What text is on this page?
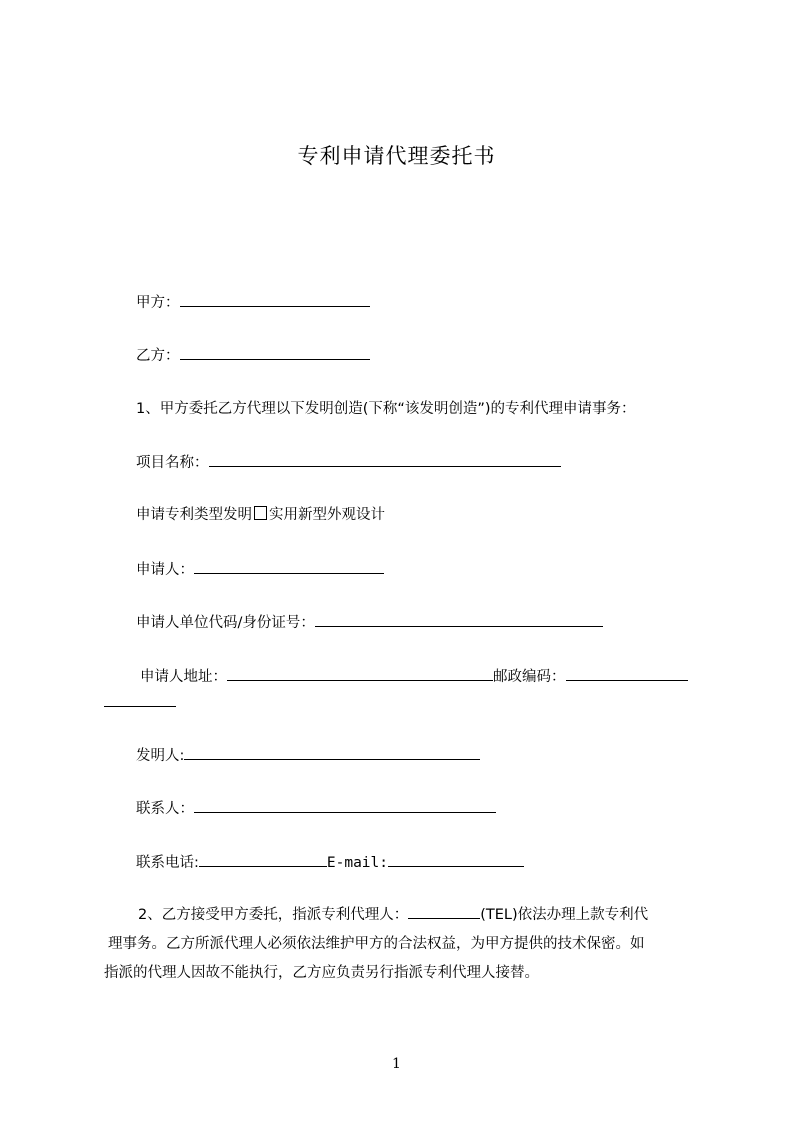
专利申请代理委托书
甲方：
乙方：
1、甲方委托乙方代理以下发明创造(下称“该发明创造”)的专利代理申请事务：
项目名称：
申请专利类型发明 实用新型外观设计
申请人：
申请人单位代码/身份证号：
申请人地址：	邮政编码：
发明人:
联系人：
联系电话:	E-mail:
2、乙方接受甲方委托，指派专利代理人：	(TEL)依法办理上款专利代
理事务。乙方所派代理人必须依法维护甲方的合法权益，为甲方提供的技术保密。如
指派的代理人因故不能执行，乙方应负责另行指派专利代理人接替。
1
